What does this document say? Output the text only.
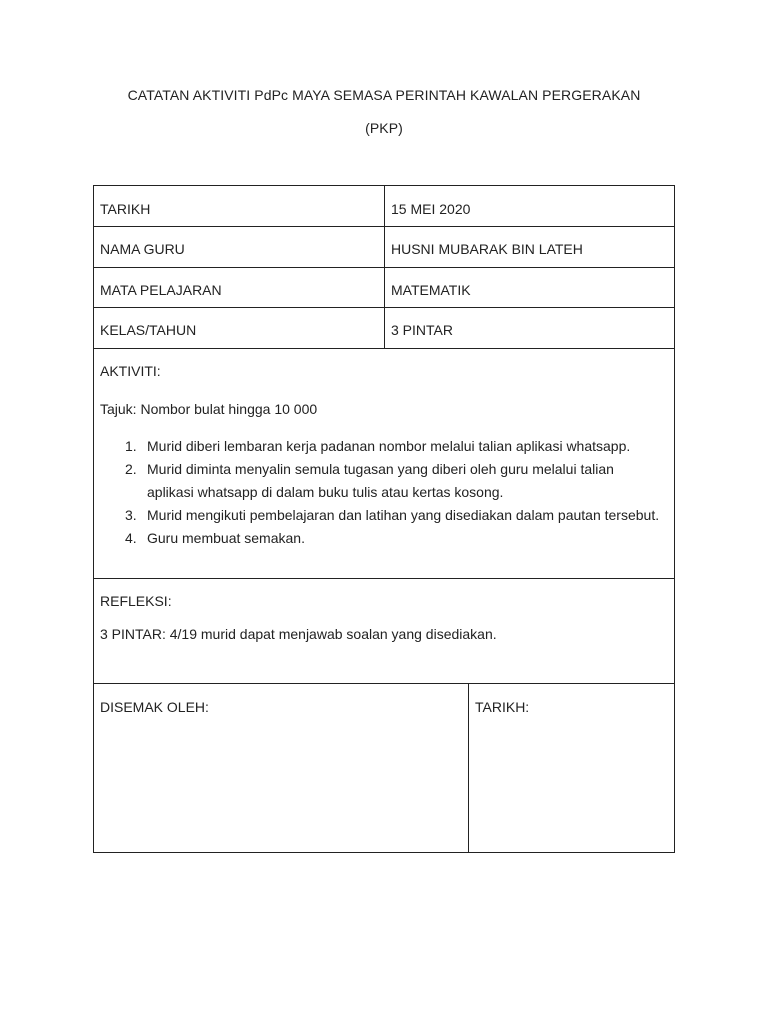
CATATAN AKTIVITI PdPc MAYA SEMASA PERINTAH KAWALAN PERGERAKAN
(PKP)
TARIKH	15 MEI 2020
NAMA GURU	HUSNI MUBARAK BIN LATEH
MATA PELAJARAN	MATEMATIK
KELAS/TAHUN	3 PINTAR
AKTIVITI:
Tajuk: Nombor bulat hingga 10 000
1. Murid diberi lembaran kerja padanan nombor melalui talian aplikasi whatsapp.
2. Murid diminta menyalin semula tugasan yang diberi oleh guru melalui talian
aplikasi whatsapp di dalam buku tulis atau kertas kosong.
3. Murid mengikuti pembelajaran dan latihan yang disediakan dalam pautan tersebut.
4. Guru membuat semakan.
REFLEKSI:
3 PINTAR: 4/19 murid dapat menjawab soalan yang disediakan.
DISEMAK OLEH:	TARIKH:
